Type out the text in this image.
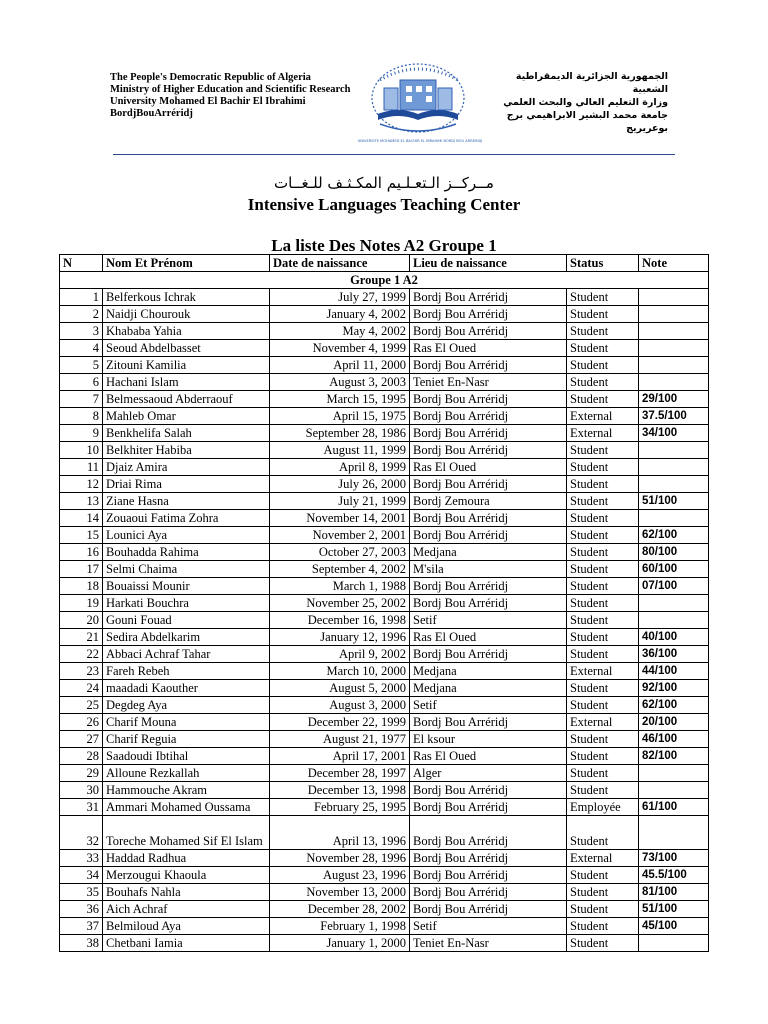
The People's Democratic Republic of Algeria
Ministry of Higher Education and Scientific Research
University Mohamed El Bachir El Ibrahimi
BordjBouArréridj
UNIVERSITE MOHAMED EL BACHIR EL IBRAHIMI BORDJ BOU ARRERIDJ
الجمهورية الجزائرية الديمقراطية الشعبية
وزارة التعليم العالي والبحث العلمي
جامعة محمد البشير الابراهيمي برج بوعريريج
مــركــز الـتعـلـيم المكـثـف للـغــات
Intensive Languages Teaching Center
La liste Des Notes A2 Groupe 1
N	Nom Et Prénom	Date de naissance	Lieu de naissance	Status	Note
Groupe 1 A2					
1	Belferkous Ichrak	July 27, 1999	Bordj Bou Arréridj	Student	
2	Naidji Chourouk	January 4, 2002	Bordj Bou Arréridj	Student	
3	Khababa Yahia	May 4, 2002	Bordj Bou Arréridj	Student	
4	Seoud Abdelbasset	November 4, 1999	Ras El Oued	Student	
5	Zitouni Kamilia	April 11, 2000	Bordj Bou Arréridj	Student	
6	Hachani Islam	August 3, 2003	Teniet En-Nasr	Student	
7	Belmessaoud Abderraouf	March 15, 1995	Bordj Bou Arréridj	Student	29/100
8	Mahleb Omar	April 15, 1975	Bordj Bou Arréridj	External	37.5/100
9	Benkhelifa Salah	September 28, 1986	Bordj Bou Arréridj	External	34/100
10	Belkhiter Habiba	August 11, 1999	Bordj Bou Arréridj	Student	
11	Djaiz Amira	April 8, 1999	Ras El Oued	Student	
12	Driai Rima	July 26, 2000	Bordj Bou Arréridj	Student	
13	Ziane Hasna	July 21, 1999	Bordj Zemoura	Student	51/100
14	Zouaoui Fatima Zohra	November 14, 2001	Bordj Bou Arréridj	Student	
15	Lounici Aya	November 2, 2001	Bordj Bou Arréridj	Student	62/100
16	Bouhadda Rahima	October 27, 2003	Medjana	Student	80/100
17	Selmi Chaima	September 4, 2002	M'sila	Student	60/100
18	Bouaissi Mounir	March 1, 1988	Bordj Bou Arréridj	Student	07/100
19	Harkati Bouchra	November 25, 2002	Bordj Bou Arréridj	Student	
20	Gouni Fouad	December 16, 1998	Setif	Student	
21	Sedira Abdelkarim	January 12, 1996	Ras El Oued	Student	40/100
22	Abbaci Achraf Tahar	April 9, 2002	Bordj Bou Arréridj	Student	36/100
23	Fareh Rebeh	March 10, 2000	Medjana	External	44/100
24	maadadi Kaouther	August 5, 2000	Medjana	Student	92/100
25	Degdeg Aya	August 3, 2000	Setif	Student	62/100
26	Charif Mouna	December 22, 1999	Bordj Bou Arréridj	External	20/100
27	Charif Reguia	August 21, 1977	El ksour	Student	46/100
28	Saadoudi Ibtihal	April 17, 2001	Ras El Oued	Student	82/100
29	Alloune Rezkallah	December 28, 1997	Alger	Student	
30	Hammouche Akram	December 13, 1998	Bordj Bou Arréridj	Student	
31	Ammari Mohamed Oussama	February 25, 1995	Bordj Bou Arréridj	Employée	61/100
32	Toreche Mohamed Sif El Islam	April 13, 1996	Bordj Bou Arréridj	Student	
33	Haddad Radhua	November 28, 1996	Bordj Bou Arréridj	External	73/100
34	Merzougui Khaoula	August 23, 1996	Bordj Bou Arréridj	Student	45.5/100
35	Bouhafs Nahla	November 13, 2000	Bordj Bou Arréridj	Student	81/100
36	Aich Achraf	December 28, 2002	Bordj Bou Arréridj	Student	51/100
37	Belmiloud Aya	February 1, 1998	Setif	Student	45/100
38	Chetbani Iamia	January 1, 2000	Teniet En-Nasr	Student	
